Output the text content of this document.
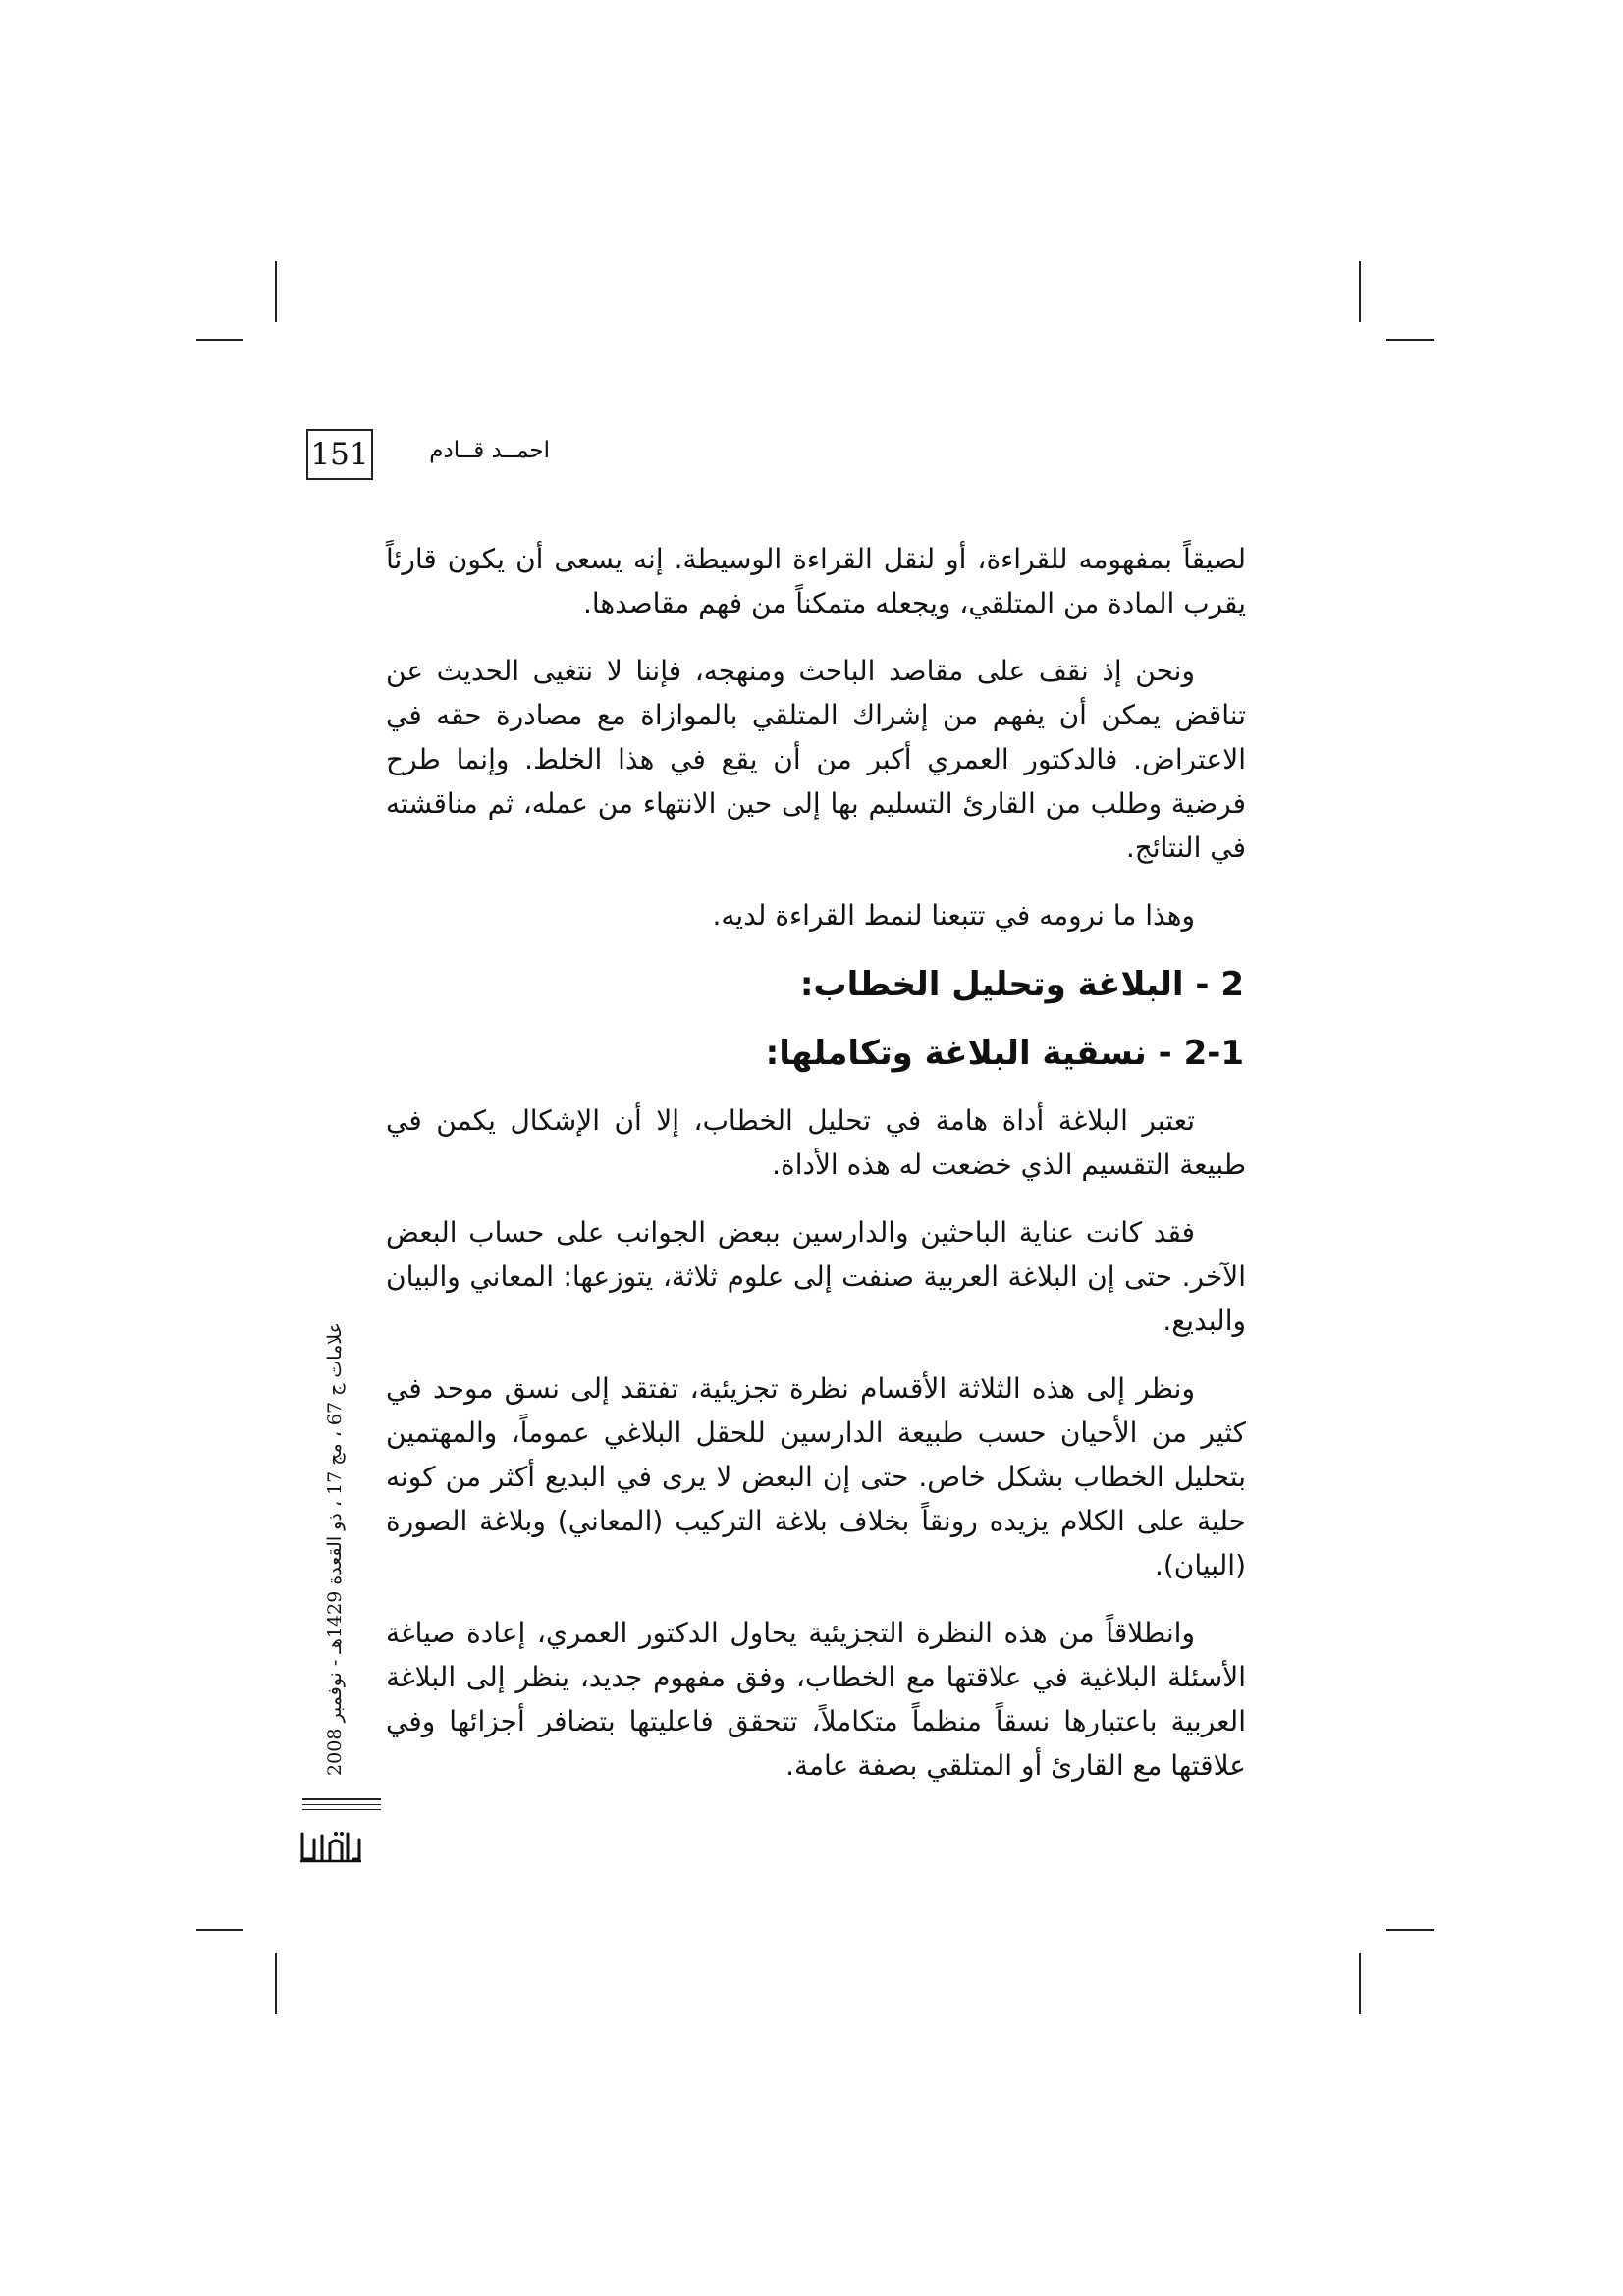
151	احمــد قــادم

لصيقاً بمفهومه للقراءة، أو لنقل القراءة الوسيطة. إنه يسعى أن يكون قارئاً يقرب المادة من المتلقي، ويجعله متمكناً من فهم مقاصدها.

ونحن إذ نقف على مقاصد الباحث ومنهجه، فإننا لا نتغيى الحديث عن تناقض يمكن أن يفهم من إشراك المتلقي بالموازاة مع مصادرة حقه في الاعتراض. فالدكتور العمري أكبر من أن يقع في هذا الخلط. وإنما طرح فرضية وطلب من القارئ التسليم بها إلى حين الانتهاء من عمله، ثم مناقشته في النتائج.

وهذا ما نرومه في تتبعنا لنمط القراءة لديه.

2 - البلاغة وتحليل الخطاب:
2-1 - نسقية البلاغة وتكاملها:

تعتبر البلاغة أداة هامة في تحليل الخطاب، إلا أن الإشكال يكمن في طبيعة التقسيم الذي خضعت له هذه الأداة.

فقد كانت عناية الباحثين والدارسين ببعض الجوانب على حساب البعض الآخر. حتى إن البلاغة العربية صنفت إلى علوم ثلاثة، يتوزعها: المعاني والبيان والبديع.

ونظر إلى هذه الثلاثة الأقسام نظرة تجزيئية، تفتقد إلى نسق موحد في كثير من الأحيان حسب طبيعة الدارسين للحقل البلاغي عموماً، والمهتمين بتحليل الخطاب بشكل خاص. حتى إن البعض لا يرى في البديع أكثر من كونه حلية على الكلام يزيده رونقاً بخلاف بلاغة التركيب (المعاني) وبلاغة الصورة (البيان).

وانطلاقاً من هذه النظرة التجزيئية يحاول الدكتور العمري، إعادة صياغة الأسئلة البلاغية في علاقتها مع الخطاب، وفق مفهوم جديد، ينظر إلى البلاغة العربية باعتبارها نسقاً منظماً متكاملاً، تتحقق فاعليتها بتضافر أجزائها وفي علاقتها مع القارئ أو المتلقي بصفة عامة.

علامات ج 67 ، مج 17 ، ذو القعدة 1429هـ - نوفمبر 2008
